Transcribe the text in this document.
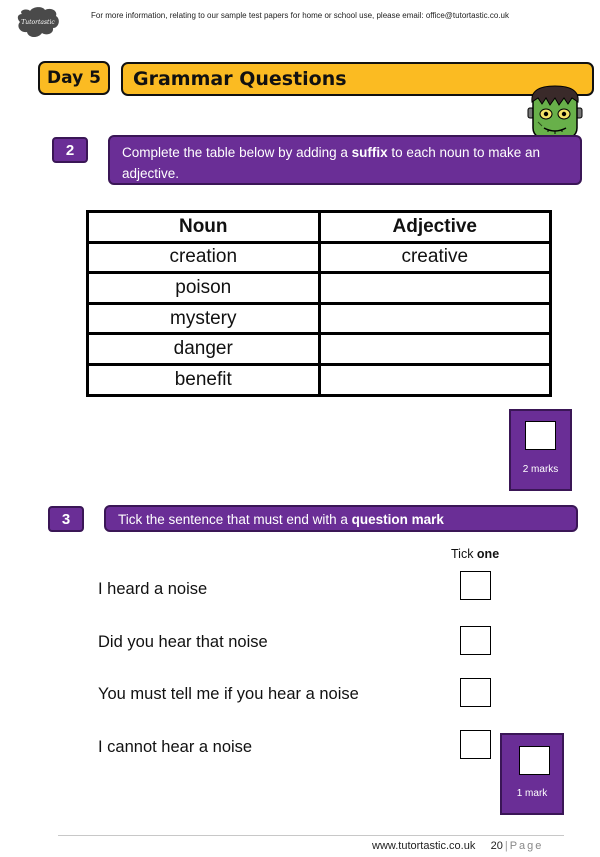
Tutortastic
For more information, relating to our sample test papers for home or school use, please email: office@tutortastic.co.uk
Day 5	Grammar Questions
2	Complete the table below by adding a suffix to each noun to make an adjective.
Noun	Adjective
creation	creative
poison	
mystery	
danger	
benefit	
2 marks
3	Tick the sentence that must end with a question mark
Tick one
I heard a noise
Did you hear that noise
You must tell me if you hear a noise
I cannot hear a noise
1 mark
www.tutortastic.co.uk 20 | Page
